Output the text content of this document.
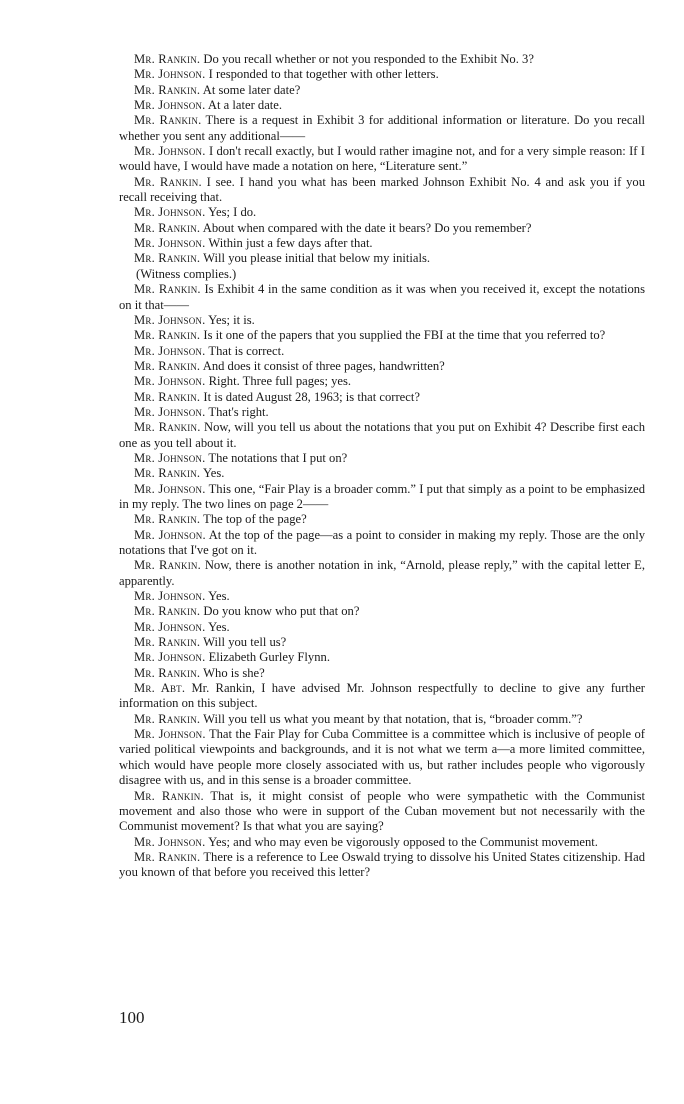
Mr. Rankin. Do you recall whether or not you responded to the Exhibit No. 3?

Mr. Johnson. I responded to that together with other letters.

Mr. Rankin. At some later date?

Mr. Johnson. At a later date.

Mr. Rankin. There is a request in Exhibit 3 for additional information or literature. Do you recall whether you sent any additional——

Mr. Johnson. I don't recall exactly, but I would rather imagine not, and for a very simple reason: If I would have, I would have made a notation on here, “Literature sent.”

Mr. Rankin. I see. I hand you what has been marked Johnson Exhibit No. 4 and ask you if you recall receiving that.

Mr. Johnson. Yes; I do.

Mr. Rankin. About when compared with the date it bears? Do you remember?

Mr. Johnson. Within just a few days after that.

Mr. Rankin. Will you please initial that below my initials.

(Witness complies.)

Mr. Rankin. Is Exhibit 4 in the same condition as it was when you received it, except the notations on it that——

Mr. Johnson. Yes; it is.

Mr. Rankin. Is it one of the papers that you supplied the FBI at the time that you referred to?

Mr. Johnson. That is correct.

Mr. Rankin. And does it consist of three pages, handwritten?

Mr. Johnson. Right. Three full pages; yes.

Mr. Rankin. It is dated August 28, 1963; is that correct?

Mr. Johnson. That's right.

Mr. Rankin. Now, will you tell us about the notations that you put on Exhibit 4? Describe first each one as you tell about it.

Mr. Johnson. The notations that I put on?

Mr. Rankin. Yes.

Mr. Johnson. This one, “Fair Play is a broader comm.” I put that simply as a point to be emphasized in my reply. The two lines on page 2——

Mr. Rankin. The top of the page?

Mr. Johnson. At the top of the page—as a point to consider in making my reply. Those are the only notations that I've got on it.

Mr. Rankin. Now, there is another notation in ink, “Arnold, please reply,” with the capital letter E, apparently.

Mr. Johnson. Yes.

Mr. Rankin. Do you know who put that on?

Mr. Johnson. Yes.

Mr. Rankin. Will you tell us?

Mr. Johnson. Elizabeth Gurley Flynn.

Mr. Rankin. Who is she?

Mr. Abt. Mr. Rankin, I have advised Mr. Johnson respectfully to decline to give any further information on this subject.

Mr. Rankin. Will you tell us what you meant by that notation, that is, “broader comm.”?

Mr. Johnson. That the Fair Play for Cuba Committee is a committee which is inclusive of people of varied political viewpoints and backgrounds, and it is not what we term a—a more limited committee, which would have people more closely associated with us, but rather includes people who vigorously disagree with us, and in this sense is a broader committee.

Mr. Rankin. That is, it might consist of people who were sympathetic with the Communist movement and also those who were in support of the Cuban movement but not necessarily with the Communist movement? Is that what you are saying?

Mr. Johnson. Yes; and who may even be vigorously opposed to the Communist movement.

Mr. Rankin. There is a reference to Lee Oswald trying to dissolve his United States citizenship. Had you known of that before you received this letter?

100
